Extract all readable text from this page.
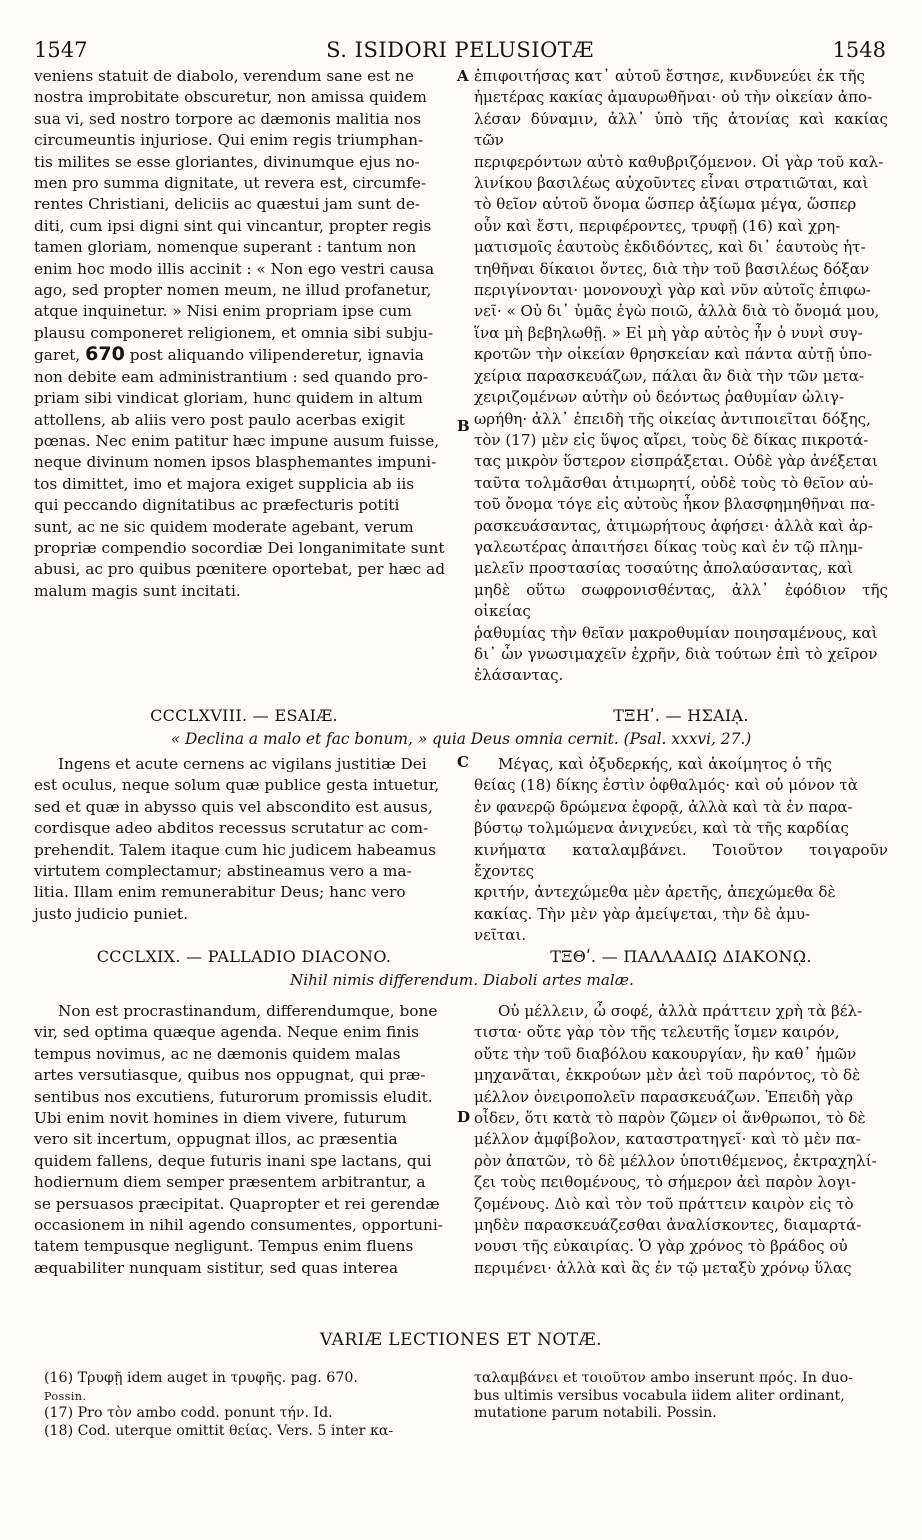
1547	S. ISIDORI PELUSIOTÆ	1548
veniens statuit de diabolo, verendum sane est ne
nostra improbitate obscuretur, non amissa quidem
sua vi, sed nostro torpore ac dæmonis malitia nos
circumeuntis injuriose. Qui enim regis triumphan-
tis milites se esse gloriantes, divinumque ejus no-
men pro summa dignitate, ut revera est, circumfe-
rentes Christiani, deliciis ac quæstui jam sunt de-
diti, cum ipsi digni sint qui vincantur, propter regis
tamen gloriam, nomenque superant : tantum non
enim hoc modo illis accinit : « Non ego vestri causa
ago, sed propter nomen meum, ne illud profanetur,
atque inquinetur. » Nisi enim propriam ipse cum
plausu componeret religionem, et omnia sibi subju-
garet, 670 post aliquando vilipenderetur, ignavia
non debite eam administrantium : sed quando pro-
priam sibi vindicat gloriam, hunc quidem in altum
attollens, ab aliis vero post paulo acerbas exigit
pœnas. Nec enim patitur hæc impune ausum fuisse,
neque divinum nomen ipsos blasphemantes impuni-
tos dimittet, imo et majora exiget supplicia ab iis
qui peccando dignitatibus ac præfecturis potiti
sunt, ac ne sic quidem moderate agebant, verum
propriæ compendio socordiæ Dei longanimitate sunt
abusi, ac pro quibus pœnitere oportebat, per hæc ad
malum magis sunt incitati.
A
B
C
D
ἐπιφοιτήσας κατ᾽ αὐτοῦ ἔστησε, κινδυνεύει ἐκ τῆς
ἡμετέρας κακίας ἀμαυρωθῆναι· οὐ τὴν οἰκείαν ἀπο-
λέσαν δύναμιν, ἀλλ᾽ ὑπὸ τῆς ἀτονίας καὶ κακίας τῶν
περιφερόντων αὐτὸ καθυβριζόμενον. Οἱ γὰρ τοῦ καλ-
λινίκου βασιλέως αὐχοῦντες εἶναι στρατιῶται, καὶ
τὸ θεῖον αὐτοῦ ὄνομα ὥσπερ ἀξίωμα μέγα, ὥσπερ
οὖν καὶ ἔστι, περιφέροντες, τρυφῇ (16) καὶ χρη-
ματισμοῖς ἑαυτοὺς ἐκδιδόντες, καὶ δι᾽ ἑαυτοὺς ἡτ-
τηθῆναι δίκαιοι ὄντες, διὰ τὴν τοῦ βασιλέως δόξαν
περιγίνονται· μονονουχὶ γὰρ καὶ νῦν αὐτοῖς ἐπιφω-
νεῖ· « Οὐ δι᾽ ὑμᾶς ἐγὼ ποιῶ, ἀλλὰ διὰ τὸ ὄνομά μου,
ἵνα μὴ βεβηλωθῇ. » Εἰ μὴ γὰρ αὐτὸς ἦν ὁ νυνὶ συγ-
κροτῶν τὴν οἰκείαν θρησκείαν καὶ πάντα αὐτῇ ὑπο-
χείρια παρασκευάζων, πάλαι ἂν διὰ τὴν τῶν μετα-
χειριζομένων αὐτὴν οὐ δεόντως ῥαθυμίαν ὠλιγ-
ωρήθη· ἀλλ᾽ ἐπειδὴ τῆς οἰκείας ἀντιποιεῖται δόξης,
τὸν (17) μὲν εἰς ὕψος αἴρει, τοὺς δὲ δίκας πικροτά-
τας μικρὸν ὕστερον εἰσπράξεται. Οὐδὲ γὰρ ἀνέξεται
ταῦτα τολμᾶσθαι ἀτιμωρητί, οὐδὲ τοὺς τὸ θεῖον αὐ-
τοῦ ὄνομα τόγε εἰς αὐτοὺς ἧκον βλασφημηθῆναι πα-
ρασκευάσαντας, ἀτιμωρήτους ἀφήσει· ἀλλὰ καὶ ἀρ-
γαλεωτέρας ἀπαιτήσει δίκας τοὺς καὶ ἐν τῷ πλημ-
μελεῖν προστασίας τοσαύτης ἀπολαύσαντας, καὶ
μηδὲ οὕτω σωφρονισθέντας, ἀλλ᾽ ἐφόδιον τῆς οἰκείας
ῥαθυμίας τὴν θεῖαν μακροθυμίαν ποιησαμένους, καὶ
δι᾽ ὧν γνωσιμαχεῖν ἐχρῆν, διὰ τούτων ἐπὶ τὸ χεῖρον
ἐλάσαντας.
CCCLXVIII. — ESAIÆ.	ΤΞΗʹ. — ΗΣΑΙᾼ.
« Declina a malo et fac bonum, » quia Deus omnia cernit. (Psal. xxxvi, 27.)
Ingens et acute cernens ac vigilans justitiæ Dei
est oculus, neque solum quæ publice gesta intuetur,
sed et quæ in abysso quis vel abscondito est ausus,
cordisque adeo abditos recessus scrutatur ac com-
prehendit. Talem itaque cum hic judicem habeamus
virtutem complectamur; abstineamus vero a ma-
litia. Illam enim remunerabitur Deus; hanc vero
justo judicio puniet.
Μέγας, καὶ ὀξυδερκής, καὶ ἀκοίμητος ὁ τῆς
θείας (18) δίκης ἐστὶν ὀφθαλμός· καὶ οὐ μόνον τὰ
ἐν φανερῷ δρώμενα ἐφορᾷ, ἀλλὰ καὶ τὰ ἐν παρα-
βύστῳ τολμώμενα ἀνιχνεύει, καὶ τὰ τῆς καρδίας
κινήματα καταλαμβάνει. Τοιοῦτον τοιγαροῦν ἔχοντες
κριτήν, ἀντεχώμεθα μὲν ἀρετῆς, ἀπεχώμεθα δὲ
κακίας. Τὴν μὲν γὰρ ἀμείψεται, τὴν δὲ ἀμυ-
νεῖται.
CCCLXIX. — PALLADIO DIACONO.	ΤΞΘʹ. — ΠΑΛΛΑΔΙῼ ΔΙΑΚΟΝῼ.
Nihil nimis differendum. Diaboli artes malæ.
Non est procrastinandum, differendumque, bone
vir, sed optima quæque agenda. Neque enim finis
tempus novimus, ac ne dæmonis quidem malas
artes versutiasque, quibus nos oppugnat, qui præ-
sentibus nos excutiens, futurorum promissis eludit.
Ubi enim novit homines in diem vivere, futurum
vero sit incertum, oppugnat illos, ac præsentia
quidem fallens, deque futuris inani spe lactans, qui
hodiernum diem semper præsentem arbitrantur, a
se persuasos præcipitat. Quapropter et rei gerendæ
occasionem in nihil agendo consumentes, opportuni-
tatem tempusque negligunt. Tempus enim fluens
æquabiliter nunquam sistitur, sed quas interea
Οὐ μέλλειν, ὦ σοφέ, ἀλλὰ πράττειν χρὴ τὰ βέλ-
τιστα· οὔτε γὰρ τὸν τῆς τελευτῆς ἴσμεν καιρόν,
οὔτε τὴν τοῦ διαβόλου κακουργίαν, ἣν καθ᾽ ἡμῶν
μηχανᾶται, ἐκκρούων μὲν ἀεὶ τοῦ παρόντος, τὸ δὲ
μέλλον ὀνειροπολεῖν παρασκευάζων. Ἐπειδὴ γὰρ
οἶδεν, ὅτι κατὰ τὸ παρὸν ζῶμεν οἱ ἄνθρωποι, τὸ δὲ
μέλλον ἀμφίβολον, καταστρατηγεῖ· καὶ τὸ μὲν πα-
ρὸν ἀπατῶν, τὸ δὲ μέλλον ὑποτιθέμενος, ἐκτραχηλί-
ζει τοὺς πειθομένους, τὸ σήμερον ἀεὶ παρὸν λογι-
ζομένους. Διὸ καὶ τὸν τοῦ πράττειν καιρὸν εἰς τὸ
μηδὲν παρασκευάζεσθαι ἀναλίσκοντες, διαμαρτά-
νουσι τῆς εὐκαιρίας. Ὁ γὰρ χρόνος τὸ βράδος οὐ
περιμένει· ἀλλὰ καὶ ἃς ἐν τῷ μεταξὺ χρόνῳ ὕλας
VARIÆ LECTIONES ET NOTÆ.
(16) Τρυφῇ idem auget in τρυφῆς. pag. 670.
Possin.
(17) Pro τὸν ambo codd. ponunt τήν. Id.
(18) Cod. uterque omittit θείας. Vers. 5 inter κα-
ταλαμβάνει et τοιοῦτον ambo inserunt πρός. In duo-
bus ultimis versibus vocabula iidem aliter ordinant,
mutatione parum notabili. Possin.
